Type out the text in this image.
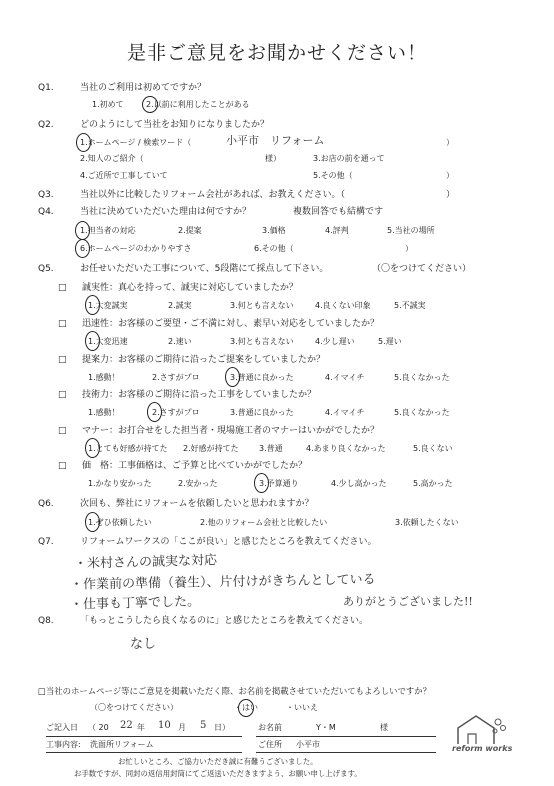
是非ご意見をお聞かせください！
Q1.	当社のご利用は初めてですか？
1.初めて	2.以前に利用したことがある
Q2.	どのようにして当社をお知りになりましたか？
1.ホームページ / 検索ワード（	小平市　リフォーム	）
2.知人のご紹介（	様）	3.お店の前を通って
4.ご近所で工事していて	5.その他（	）
Q3.	当社以外に比較したリフォーム会社があれば、お教えください。（	）
Q4.	当社に決めていただいた理由は何ですか？	複数回答でも結構です
1.担当者の対応	2.提案	3.価格	4.評判	5.当社の場所
6.ホームページのわかりやすさ	6.その他（	）
Q5.	お任せいただいた工事について、5段階にて採点して下さい。	（〇をつけてください）
□ 誠実性：真心を持って、誠実に対応していましたか？
1.大変誠実	2.誠実	3.何とも言えない	4.良くない印象	5.不誠実
□ 迅速性：お客様のご要望・ご不満に対し、素早い対応をしていましたか？
1.大変迅速	2.速い	3.何とも言えない	4.少し遅い	5.遅い
□ 提案力：お客様のご期待に沿ったご提案をしていましたか？
1.感動！	2.さすがプロ	3.普通に良かった	4.イマイチ	5.良くなかった
□ 技術力：お客様のご期待に沿った工事をしていましたか？
1.感動！	2.さすがプロ	3.普通に良かった	4.イマイチ	5.良くなかった
□ マナー：お打合せをした担当者・現場施工者のマナーはいかがでしたか？
1.とても好感が持てた 2.好感が持てた	3.普通	4.あまり良くなかった	5.良くない
□ 価　格：工事価格は、ご予算と比べていかがでしたか？
1.かなり安かった	2.安かった	3.予算通り	4.少し高かった	5.高かった
Q6.	次回も、弊社にリフォームを依頼したいと思われますか？
1.ぜひ依頼したい	2.他のリフォーム会社と比較したい	3.依頼したくない
Q7.	リフォームワークスの「ここが良い」と感じたところを教えてください。
・米村さんの誠実な対応
・作業前の準備（養生）、片付けがきちんとしている
・仕事も丁寧でした。	ありがとうございました!!
Q8.	「もっとこうしたら良くなるのに」と感じたところを教えてください。
なし
□当社のホームページ等にご意見を掲載いただく際、お名前を掲載させていただいてもよろしいですか？
（〇をつけてください）	・はい	・いいえ
ご記入日 （ 20 22 年 10 月 5 日）
工事内容: 洗面所リフォーム
お名前	Y・M	様
ご住所 小平市	reform works
お忙しいところ、ご協力いただき誠に有難うございました。
お手数ですが、同封の返信用封筒にてご返送いただきますよう、お願い申し上げます。
